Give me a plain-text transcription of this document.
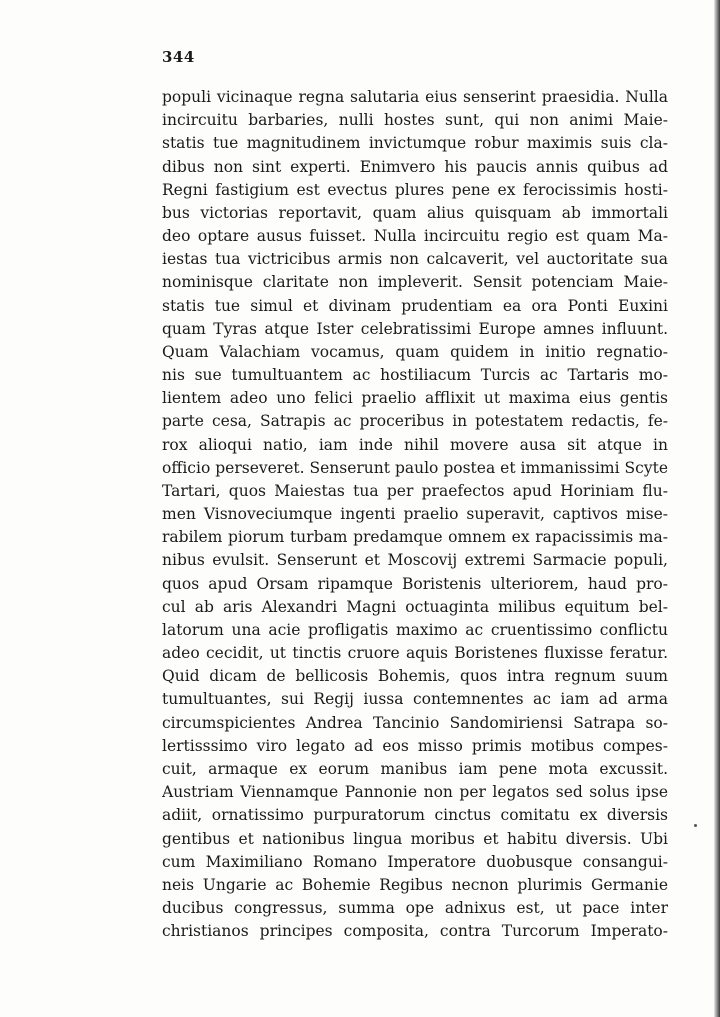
344
populi vicinaque regna salutaria eius senserint praesidia. Nulla
incircuitu barbaries, nulli hostes sunt, qui non animi Maie-
statis tue magnitudinem invictumque robur maximis suis cla-
dibus non sint experti. Enimvero his paucis annis quibus ad
Regni fastigium est evectus plures pene ex ferocissimis hosti-
bus victorias reportavit, quam alius quisquam ab immortali
deo optare ausus fuisset. Nulla incircuitu regio est quam Ma-
iestas tua victricibus armis non calcaverit, vel auctoritate sua
nominisque claritate non impleverit. Sensit potenciam Maie-
statis tue simul et divinam prudentiam ea ora Ponti Euxini
quam Tyras atque Ister celebratissimi Europe amnes influunt.
Quam Valachiam vocamus, quam quidem in initio regnatio-
nis sue tumultuantem ac hostiliacum Turcis ac Tartaris mo-
lientem adeo uno felici praelio afflixit ut maxima eius gentis
parte cesa, Satrapis ac proceribus in potestatem redactis, fe-
rox alioqui natio, iam inde nihil movere ausa sit atque in
officio perseveret. Senserunt paulo postea et immanissimi Scyte
Tartari, quos Maiestas tua per praefectos apud Horiniam flu-
men Visnoveciumque ingenti praelio superavit, captivos mise-
rabilem piorum turbam predamque omnem ex rapacissimis ma-
nibus evulsit. Senserunt et Moscovij extremi Sarmacie populi,
quos apud Orsam ripamque Boristenis ulteriorem, haud pro-
cul ab aris Alexandri Magni octuaginta milibus equitum bel-
latorum una acie profligatis maximo ac cruentissimo conflictu
adeo cecidit, ut tinctis cruore aquis Boristenes fluxisse feratur.
Quid dicam de bellicosis Bohemis, quos intra regnum suum
tumultuantes, sui Regij iussa contemnentes ac iam ad arma
circumspicientes Andrea Tancinio Sandomiriensi Satrapa so-
lertisssimo viro legato ad eos misso primis motibus compes-
cuit, armaque ex eorum manibus iam pene mota excussit.
Austriam Viennamque Pannonie non per legatos sed solus ipse
adiit, ornatissimo purpuratorum cinctus comitatu ex diversis
gentibus et nationibus lingua moribus et habitu diversis. Ubi
cum Maximiliano Romano Imperatore duobusque consangui-
neis Ungarie ac Bohemie Regibus necnon plurimis Germanie
ducibus congressus, summa ope adnixus est, ut pace inter
christianos principes composita, contra Turcorum Imperato-
